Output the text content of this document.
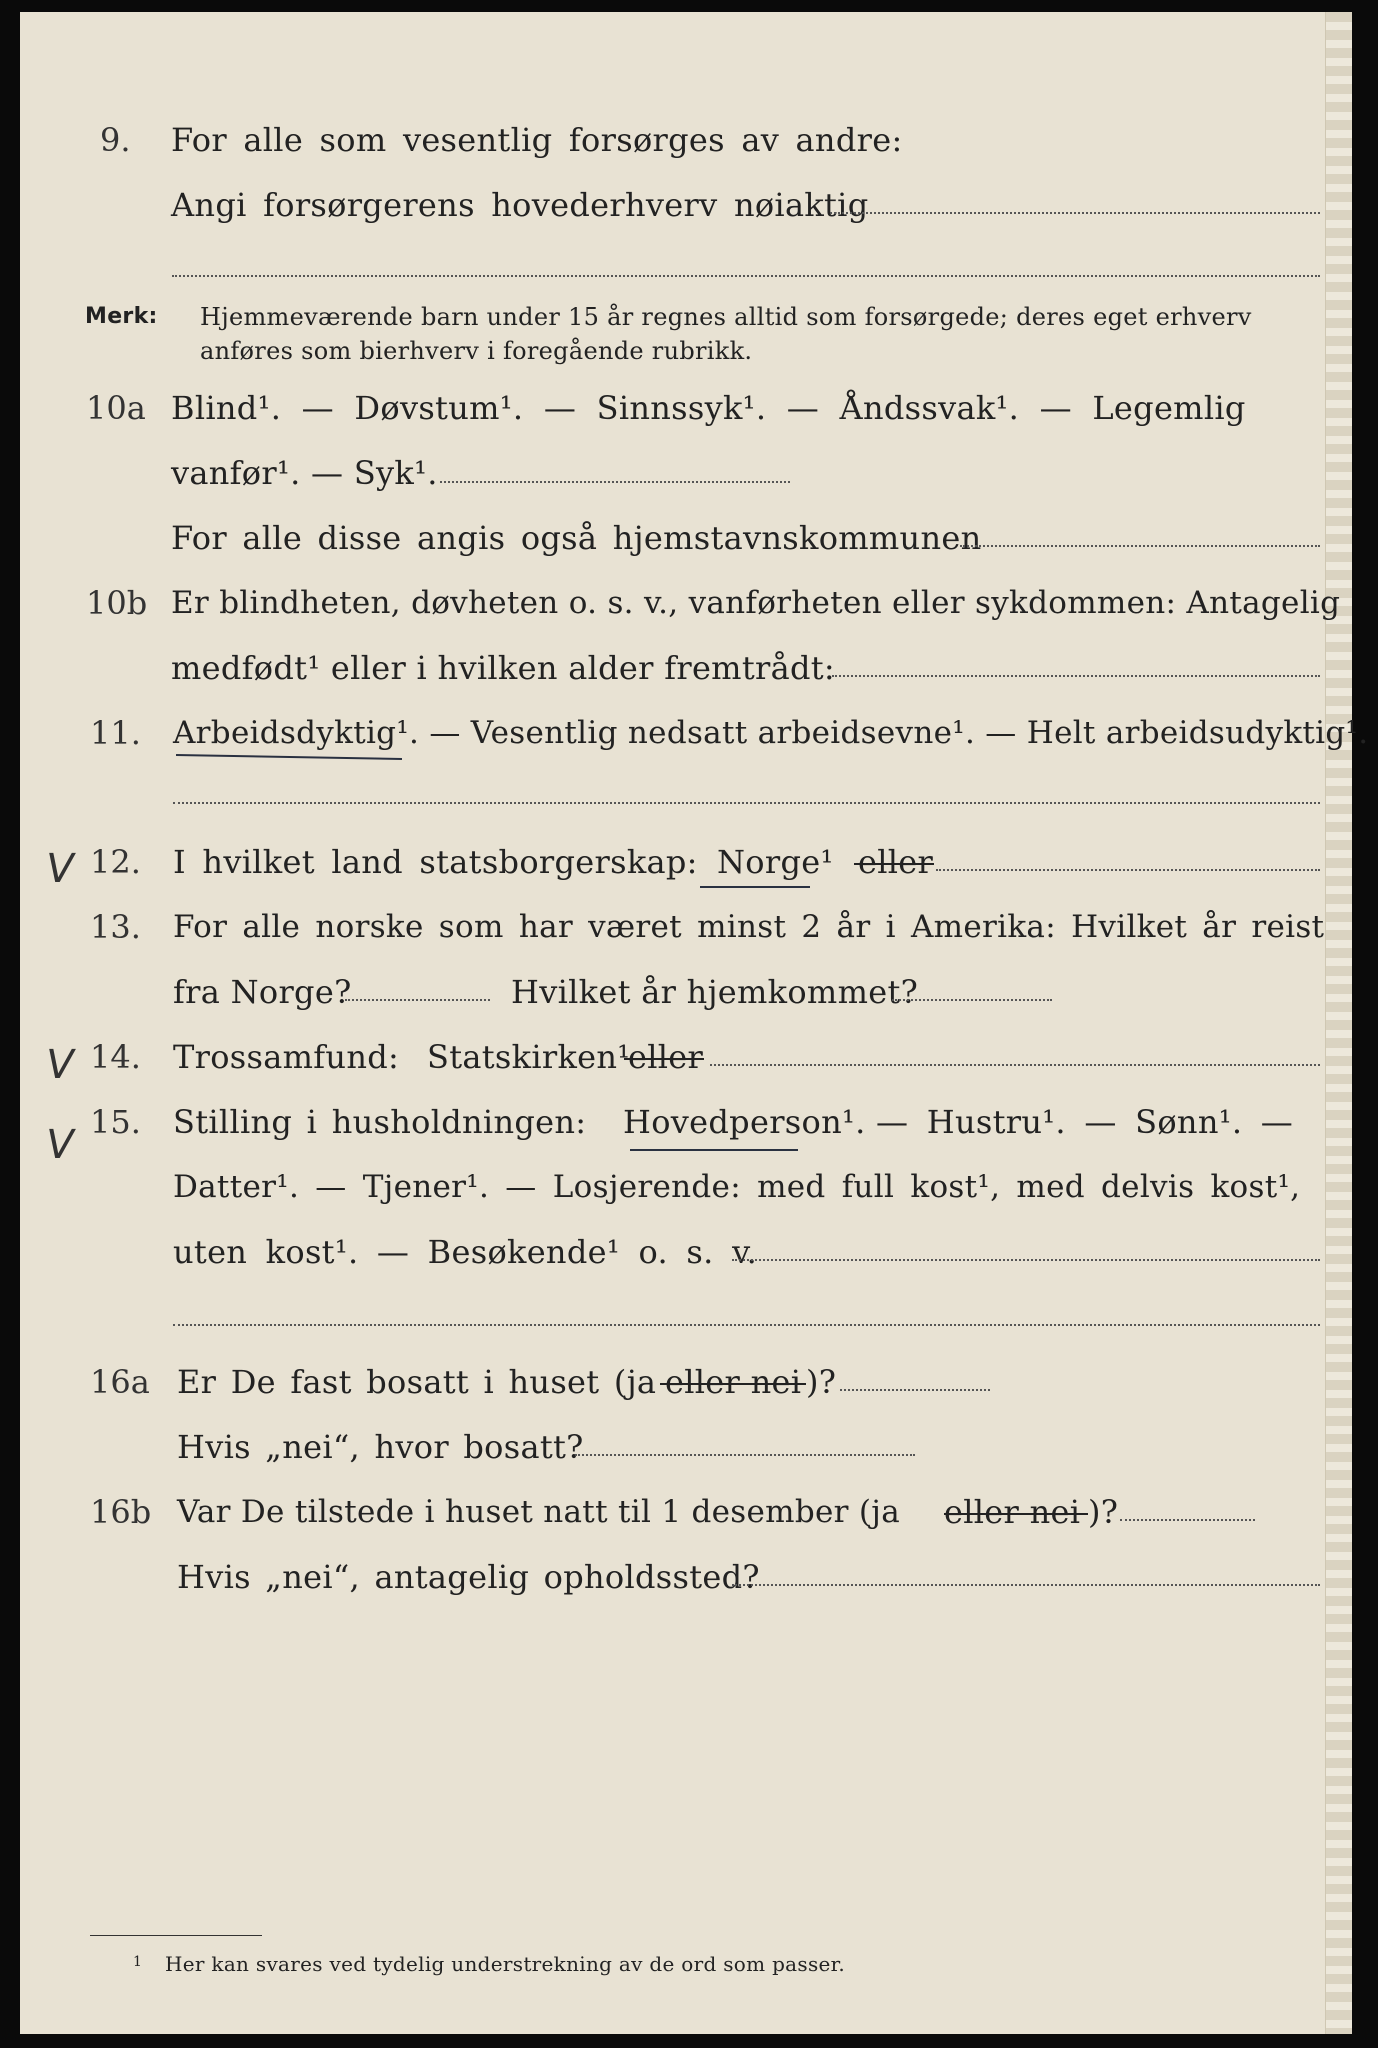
9. For alle som vesentlig forsørges av andre:
Angi forsørgerens hovederhverv nøiaktig
Merk: Hjemmeværende barn under 15 år regnes alltid som forsørgede; deres eget erhverv
anføres som bierhverv i foregående rubrikk.
10a Blind¹. — Døvstum¹. — Sinnssyk¹. — Åndssvak¹. — Legemlig
vanfør¹. — Syk¹.
For alle disse angis også hjemstavnskommunen
10b Er blindheten, døvheten o. s. v., vanførheten eller sykdommen: Antagelig
medfødt¹ eller i hvilken alder fremtrådt:
11. Arbeidsdyktig¹. — Vesentlig nedsatt arbeidsevne¹. — Helt arbeidsudyktig¹.
V 12. I hvilket land statsborgerskap: Norge¹ eller
13. For alle norske som har været minst 2 år i Amerika: Hvilket år reist
fra Norge?	Hvilket år hjemkommet?
V 14. Trossamfund: Statskirken¹
eller
V 15. Stilling i husholdningen: Hovedperson¹. — Hustru¹. — Sønn¹. —
Datter¹. — Tjener¹. — Losjerende: med full kost¹, med delvis kost¹,
uten kost¹. — Besøkende¹ o. s. v.
16a Er De fast bosatt i huset (ja eller nei )?
Hvis „nei“, hvor bosatt?
16b Var De tilstede i huset natt til 1 desember (ja eller nei )?
Hvis „nei“, antagelig opholdssted?
1 Her kan svares ved tydelig understrekning av de ord som passer.
